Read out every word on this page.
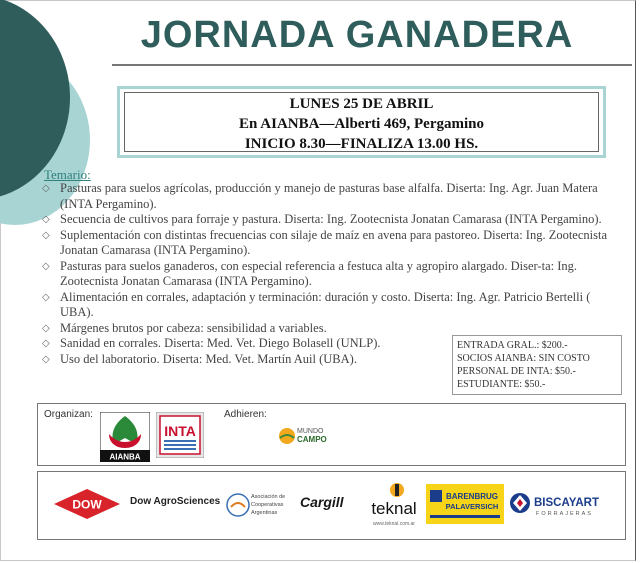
JORNADA GANADERA
LUNES 25 DE ABRIL
En AIANBA—Alberti 469, Pergamino
INICIO 8.30—FINALIZA 13.00 HS.
Temario:
◇ Pasturas para suelos agrícolas, producción y manejo de pasturas base alfalfa. Diserta: Ing. Agr. Juan Matera (INTA Pergamino).
◇ Secuencia de cultivos para forraje y pastura. Diserta: Ing. Zootecnista Jonatan Camarasa (INTA Pergamino).
◇ Suplementación con distintas frecuencias con silaje de maíz en avena para pastoreo. Diserta: Ing. Zootecnista Jonatan Camarasa (INTA Pergamino).
◇ Pasturas para suelos ganaderos, con especial referencia a festuca alta y agropiro alargado. Diser-ta: Ing. Zootecnista Jonatan Camarasa (INTA Pergamino).
◇ Alimentación en corrales, adaptación y terminación: duración y costo. Diserta: Ing. Agr. Patricio Bertelli ( UBA).
◇ Márgenes brutos por cabeza: sensibilidad a variables.
◇ Sanidad en corrales. Diserta: Med. Vet. Diego Bolasell (UNLP).
◇ Uso del laboratorio. Diserta: Med. Vet. Martín Auil (UBA).
ENTRADA GRAL.: $200.-
SOCIOS AIANBA: SIN COSTO
PERSONAL DE INTA: $50.-
ESTUDIANTE: $50.-
Organizan:	Adhieren:
AIANBA
INTA	MUNDO
CAMPO
DOW	Dow AgroSciences	Asociación de
Cooperativas
Argentinas
Cargill teknal
www.teknal.com.ar
BARENBRUG
PALAVERSICH	BISCAYART
FORRAJERAS
